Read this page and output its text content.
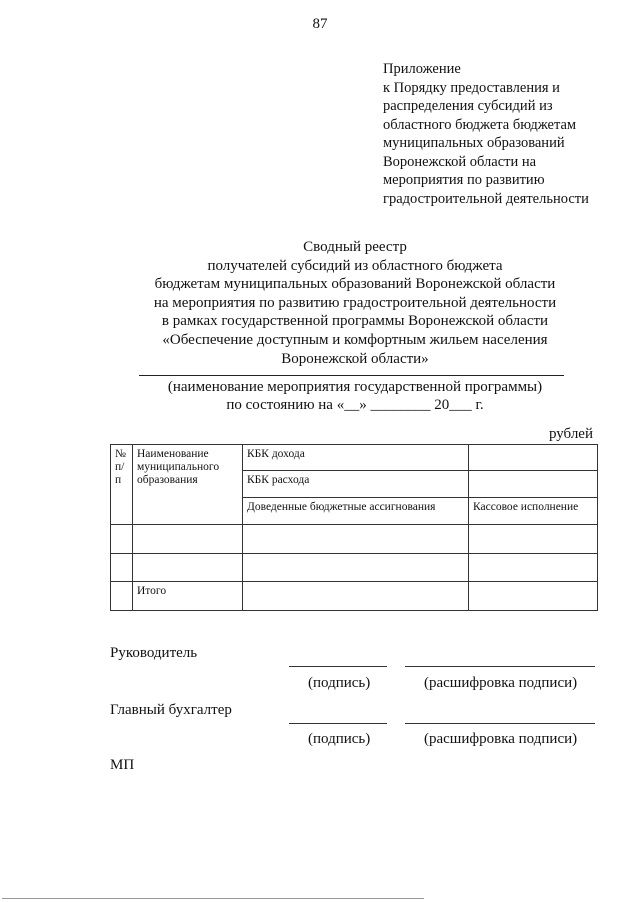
87
Приложение
к Порядку предоставления и
распределения субсидий из
областного бюджета бюджетам
муниципальных образований
Воронежской области на
мероприятия по развитию
градостроительной деятельности
Сводный реестр
получателей субсидий из областного бюджета
бюджетам муниципальных образований Воронежской области
на мероприятия по развитию градостроительной деятельности
в рамках государственной программы Воронежской области
«Обеспечение доступным и комфортным жильем населения
Воронежской области»
(наименование мероприятия государственной программы)
по состоянию на «__» ________ 20___ г.
рублей
№ п/п	Наименование муниципального образования	КБК дохода	
		КБК расхода	
		Доведенные бюджетные ассигнования	Кассовое исполнение

	Итого		
Руководитель
(подпись)	(расшифровка подписи)
Главный бухгалтер
(подпись)	(расшифровка подписи)
МП
